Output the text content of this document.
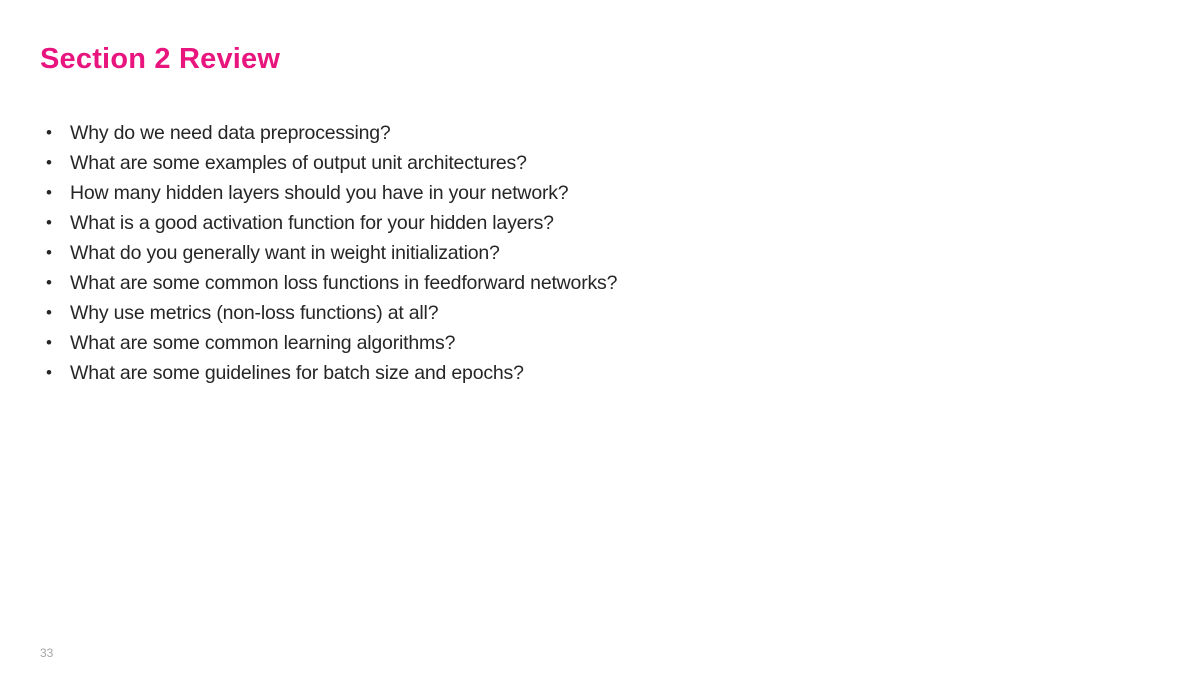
Section 2 Review
• Why do we need data preprocessing?
• What are some examples of output unit architectures?
• How many hidden layers should you have in your network?
• What is a good activation function for your hidden layers?
• What do you generally want in weight initialization?
• What are some common loss functions in feedforward networks?
• Why use metrics (non-loss functions) at all?
• What are some common learning algorithms?
• What are some guidelines for batch size and epochs?
33
